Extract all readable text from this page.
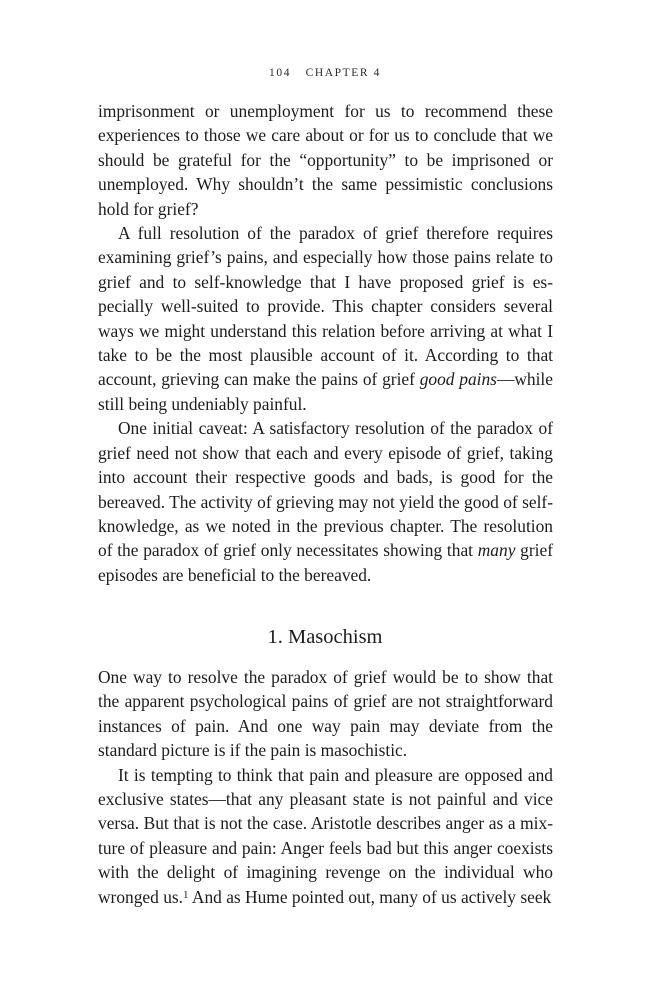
104 CHAPTER 4

imprisonment or unemployment for us to recommend these experiences to those we care about or for us to conclude that we should be grateful for the “opportunity” to be imprisoned or unemployed. Why shouldn’t the same pessimistic conclusions hold for grief?

A full resolution of the paradox of grief therefore requires examining grief’s pains, and especially how those pains relate to grief and to self-knowledge that I have proposed grief is especially well-suited to provide. This chapter considers several ways we might understand this relation before arriving at what I take to be the most plausible account of it. According to that account, grieving can make the pains of grief good pains—while still being undeniably painful.

One initial caveat: A satisfactory resolution of the paradox of grief need not show that each and every episode of grief, taking into account their respective goods and bads, is good for the bereaved. The activity of grieving may not yield the good of self-knowledge, as we noted in the previous chapter. The resolution of the paradox of grief only necessitates showing that many grief episodes are beneficial to the bereaved.

1. Masochism

One way to resolve the paradox of grief would be to show that the apparent psychological pains of grief are not straightforward instances of pain. And one way pain may deviate from the standard picture is if the pain is masochistic.

It is tempting to think that pain and pleasure are opposed and exclusive states—that any pleasant state is not painful and vice versa. But that is not the case. Aristotle describes anger as a mixture of pleasure and pain: Anger feels bad but this anger coexists with the delight of imagining revenge on the individual who wronged us.$^1$ And as Hume pointed out, many of us actively seek
